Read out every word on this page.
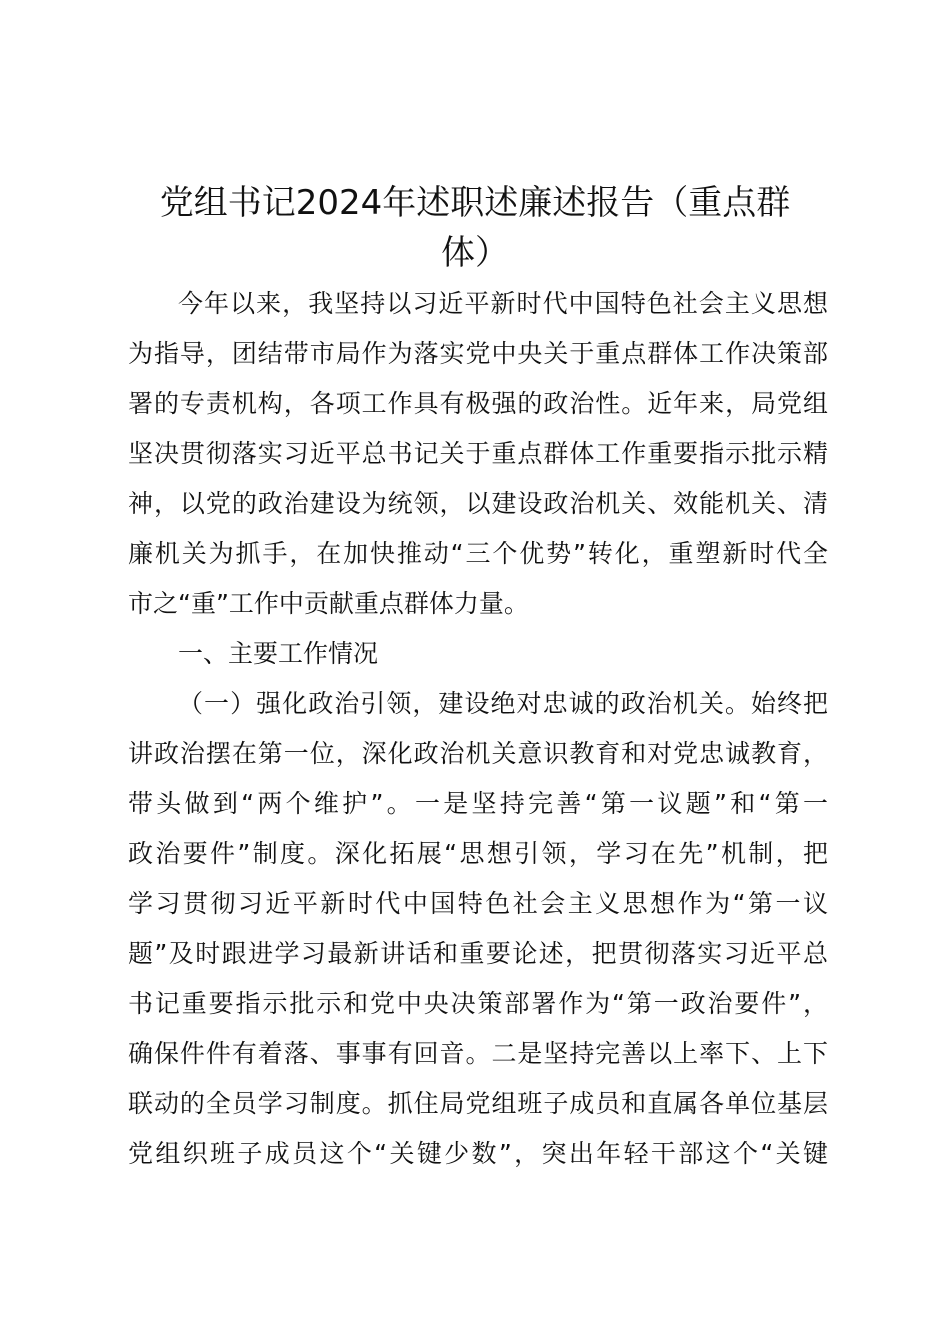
党组书记2024年述职述廉述报告（重点群
体）
今年以来，我坚持以习近平新时代中国特色社会主义思想
为指导，团结带市局作为落实党中央关于重点群体工作决策部
署的专责机构，各项工作具有极强的政治性。近年来，局党组
坚决贯彻落实习近平总书记关于重点群体工作重要指示批示精
神，以党的政治建设为统领，以建设政治机关、效能机关、清
廉机关为抓手，在加快推动“三个优势”转化，重塑新时代全
市之“重”工作中贡献重点群体力量。
一、主要工作情况
（一）强化政治引领，建设绝对忠诚的政治机关。始终把
讲政治摆在第一位，深化政治机关意识教育和对党忠诚教育，
带头做到“两个维护”。一是坚持完善“第一议题”和“第一
政治要件”制度。深化拓展“思想引领，学习在先”机制，把
学习贯彻习近平新时代中国特色社会主义思想作为“第一议
题”及时跟进学习最新讲话和重要论述，把贯彻落实习近平总
书记重要指示批示和党中央决策部署作为“第一政治要件”，
确保件件有着落、事事有回音。二是坚持完善以上率下、上下
联动的全员学习制度。抓住局党组班子成员和直属各单位基层
党组织班子成员这个“关键少数”，突出年轻干部这个“关键
